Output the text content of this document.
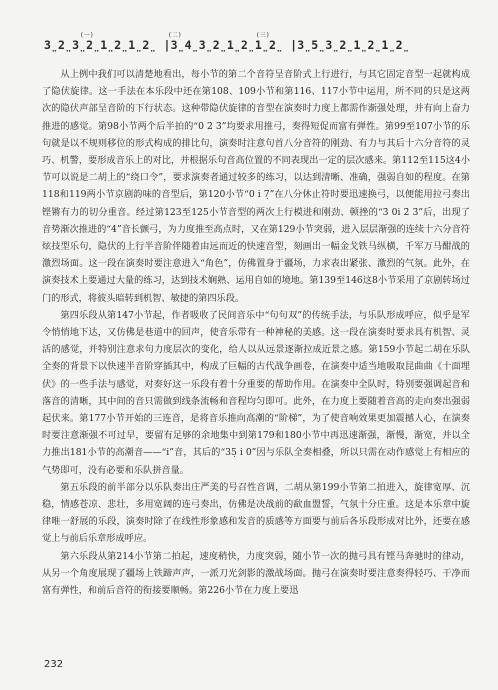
(一)	(二)	(三)
3̤2̤3̤2̤1̤2̤1̤2̤ |3̤4̤3̤2̤1̤2̤1̤2̤ |3̤5̤3̤2̤1̤2̤1̤2̤

从上例中我们可以清楚地看出，每小节的第二个音符呈音阶式上行进行，与其它固定音型一起就构成了隐伏旋律。这一手法在本乐段中还在第108、109小节和第116、117小节中运用，所不同的只是这两次的隐伏声部呈音阶的下行状态。这种带隐伏旋律的音型在演奏时力度上都需作渐强处理，并有向上奋力推进的感觉。第98小节两个后半拍的“0 2̇ 3̇”均要求用推弓，奏得短促而富有弹性。第99至107小节的乐句就是以不规则移位的形式构成的排比句，演奏时注意句首八分音符的刚劲、有力与其后十六分音符的灵巧、机警，要形成音乐上的对比，并根据乐句音高位置的不同表现出一定的层次感来。第112至115这4小节可以说是二胡上的“绕口令”，要求演奏者通过较多的练习，以达到清晰、准确，强弱自如的程度。在第118和119两小节京剧韵味的音型后，第120小节“0 i 7̣”在八分休止符时要迅速换弓，以便能用拉弓奏出铿锵有力的切分重音。经过第123至125小节音型的两次上行模进和刚劲、顿挫的“3̇ 0i 2̇ 3̇”后，出现了音势渐次推进的“4̇”音长颤弓，为力度推至高点时，又在第129小节突弱，进入层层渐强的连续十六分音符炫技型乐句，隐伏的上行半音阶伴随着由远而近的快速音型，刻画出一幅金戈铁马纵横，千军万马酣战的激烈场面。这一段在演奏时要注意进入“角色”，仿佛置身于疆场，力求表出紧张、激烈的气氛。此外，在演奏技术上要通过大量的练习，达到技术娴熟、运用自如的境地。第139至146这8小节采用了京剧转场过门的形式，将彼头暗转到机智、敏捷的第四乐段。

第四乐段从第147小节起，作者吸收了民间音乐中“句句双”的传统手法，与乐队形成呼应，似乎是军令悄悄地下达，又仿佛是巷道中的回声，使音乐带有一种神秘的美感。这一段在演奏时要求具有机智、灵活的感觉，并特别注意求句力度层次的变化，给人以从远景逐渐拉成近景之感。第159小节起二胡在乐队全奏的背景下以快速半音阶穿插其中，构成了巨幅的古代战争画卷，在演奏中适当地吸取昆曲曲《十面埋伏》的一些手法与感觉，对奏好这一乐段有着十分重要的帮助作用。在演奏中全队时，特别要强调起音和落音的清晰，其中间的音只需做到线条流畅和音程均匀即可。此外，在力度上要随着音高的走向奏出强弱起伏来。第177小节开始的三连音，是将音乐推向高潮的“阶梯”，为了使音响效果更加震撼人心，在演奏时要注意渐强不可过早，要留有足够的余地集中到第179和180小节中再迅速渐强，渐慢，渐宽，并以全力推出181小节的高潮音——“i̇”音，其后的“35̣ i 0”因与乐队全奏相叠，所以只需在动作感觉上有相应的气势即可，没有必要和乐队拼音量。

第五乐段的前半部分以乐队奏出庄严美的号召性音调，二胡从第199小节第二拍进入，旋律宽厚、沉稳，情感苍凉、悲壮，多用宽阔的连弓奏出，仿佛是决战前的歃血盟誓，气氛十分庄重。这是本乐章中旋律唯一舒展的乐段，演奏时除了在线性形象感和发音的质感等方面要与前后各乐段形成对比外，还要在感觉上与前后乐章形成呼应。

第六乐段从第214小节第二拍起，速度稍快，力度突弱，随小节一次的抛弓具有铿马奔驰时的律动，从另一个角度展现了疆场上铁蹄声声，一派刀光剑影的激战场面。抛弓在演奏时要注意奏得轻巧、干净而富有弹性，和前后音符的衔接要顺畅。第226小节在力度上要迅

232
